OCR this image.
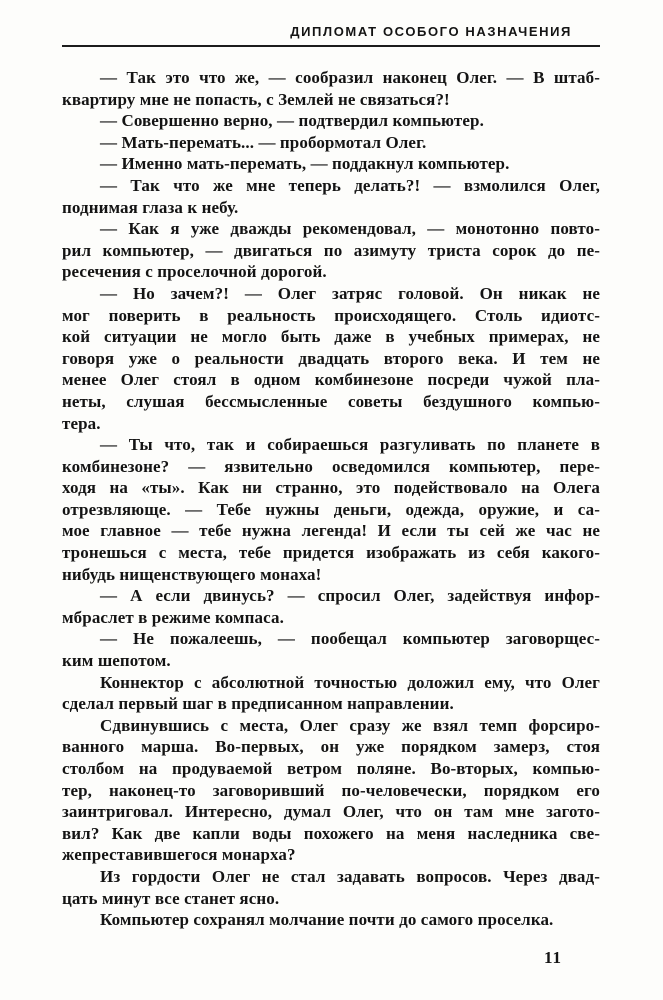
ДИПЛОМАТ ОСОБОГО НАЗНАЧЕНИЯ
— Так это что же, — сообразил наконец Олег. — В штаб-
квартиру мне не попасть, с Землей не связаться?!
— Совершенно верно, — подтвердил компьютер.
— Мать-перемать... — пробормотал Олег.
— Именно мать-перемать, — поддакнул компьютер.
— Так что же мне теперь делать?! — взмолился Олег,
поднимая глаза к небу.
— Как я уже дважды рекомендовал, — монотонно повто-
рил компьютер, — двигаться по азимуту триста сорок до пе-
ресечения с проселочной дорогой.
— Но зачем?! — Олег затряс головой. Он никак не
мог поверить в реальность происходящего. Столь идиотс-
кой ситуации не могло быть даже в учебных примерах, не
говоря уже о реальности двадцать второго века. И тем не
менее Олег стоял в одном комбинезоне посреди чужой пла-
неты, слушая бессмысленные советы бездушного компью-
тера.
— Ты что, так и собираешься разгуливать по планете в
комбинезоне? — язвительно осведомился компьютер, пере-
ходя на «ты». Как ни странно, это подействовало на Олега
отрезвляюще. — Тебе нужны деньги, одежда, оружие, и са-
мое главное — тебе нужна легенда! И если ты сей же час не
тронешься с места, тебе придется изображать из себя какого-
нибудь нищенствующего монаха!
— А если двинусь? — спросил Олег, задействуя инфор-
мбраслет в режиме компаса.
— Не пожалеешь, — пообещал компьютер заговорщес-
ким шепотом.
Коннектор с абсолютной точностью доложил ему, что Олег
сделал первый шаг в предписанном направлении.
Сдвинувшись с места, Олег сразу же взял темп форсиро-
ванного марша. Во-первых, он уже порядком замерз, стоя
столбом на продуваемой ветром поляне. Во-вторых, компью-
тер, наконец-то заговоривший по-человечески, порядком его
заинтриговал. Интересно, думал Олег, что он там мне загото-
вил? Как две капли воды похожего на меня наследника све-
жепреставившегося монарха?
Из гордости Олег не стал задавать вопросов. Через двад-
цать минут все станет ясно.
Компьютер сохранял молчание почти до самого проселка.
11
